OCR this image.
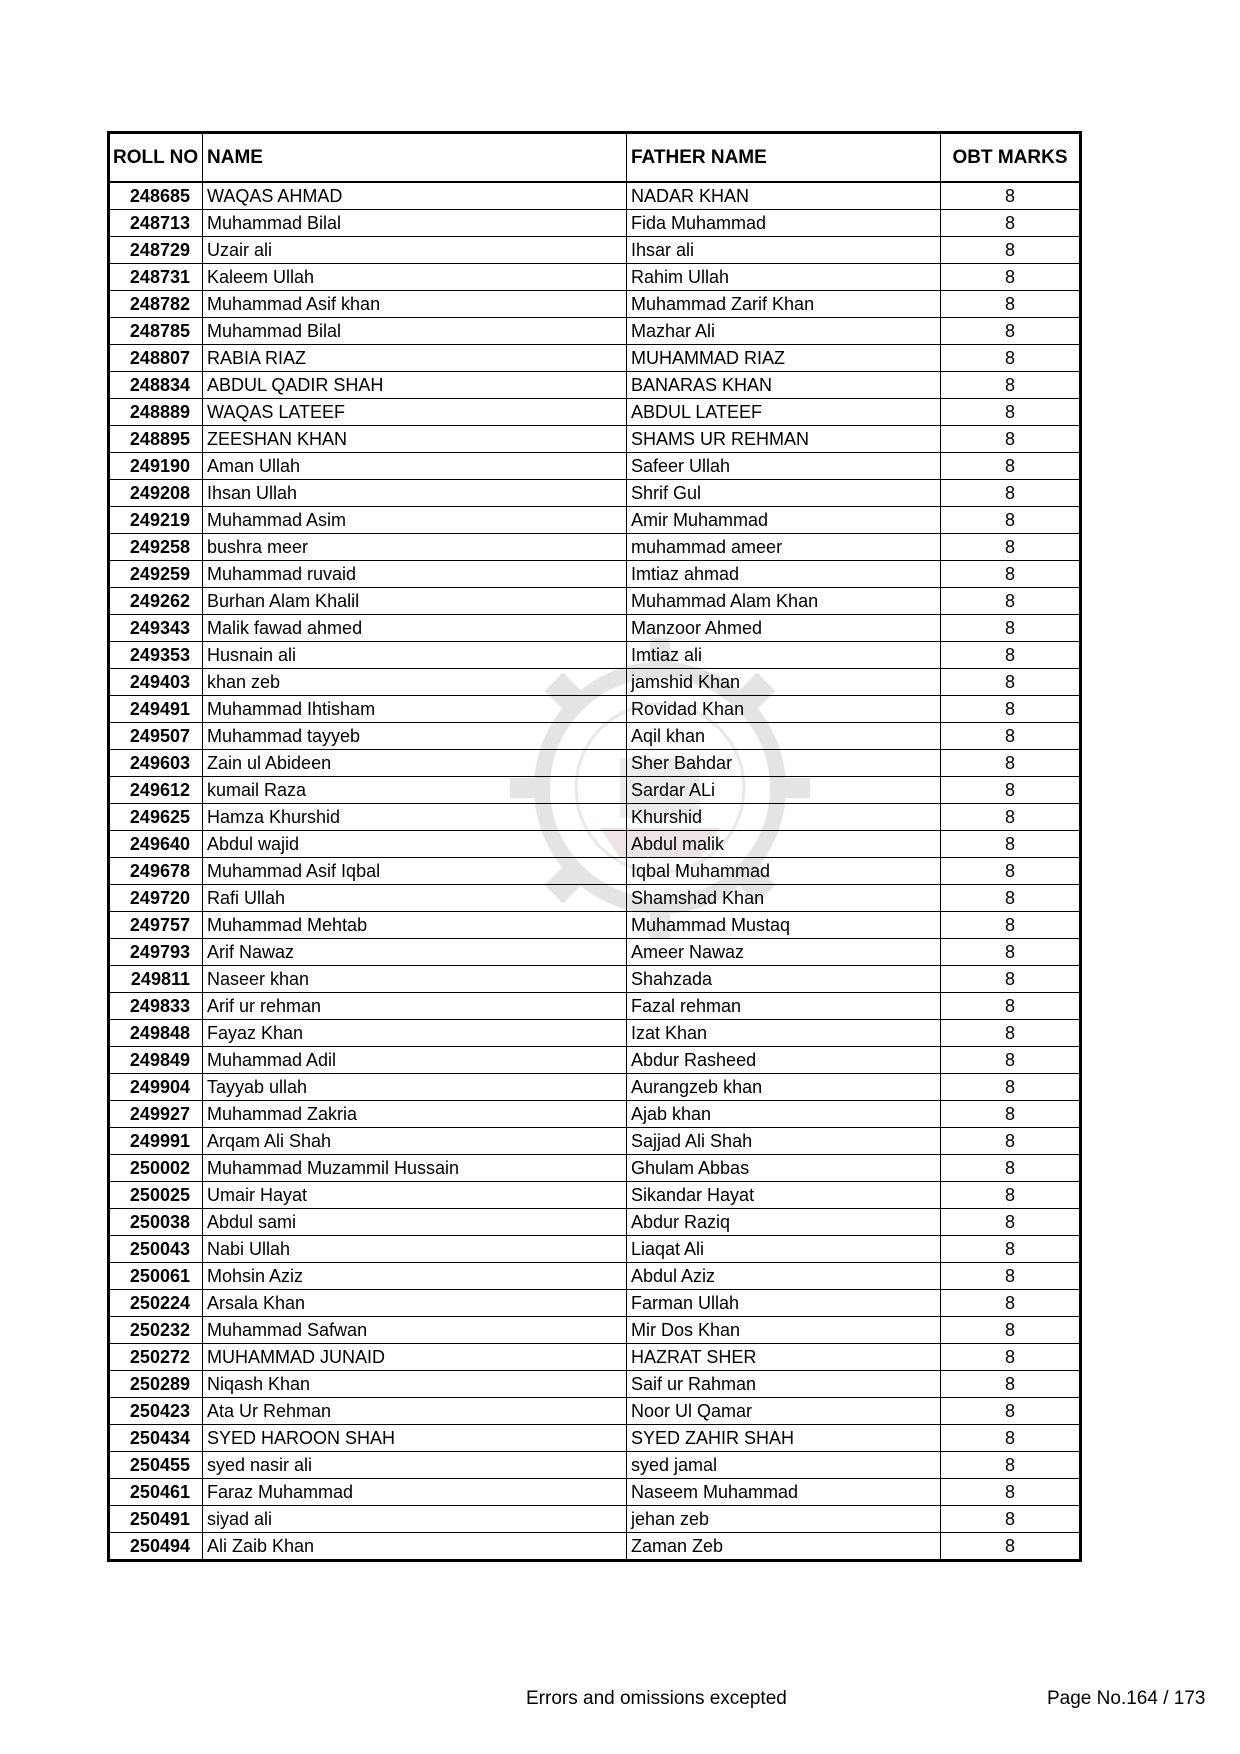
ROLL NO	NAME	FATHER NAME	OBT MARKS
248685	WAQAS AHMAD	NADAR KHAN	8
248713	Muhammad Bilal	Fida Muhammad	8
248729	Uzair ali	Ihsar ali	8
248731	Kaleem Ullah	Rahim Ullah	8
248782	Muhammad Asif khan	Muhammad Zarif Khan	8
248785	Muhammad Bilal	Mazhar Ali	8
248807	RABIA RIAZ	MUHAMMAD RIAZ	8
248834	ABDUL QADIR SHAH	BANARAS KHAN	8
248889	WAQAS LATEEF	ABDUL LATEEF	8
248895	ZEESHAN KHAN	SHAMS UR REHMAN	8
249190	Aman Ullah	Safeer Ullah	8
249208	Ihsan Ullah	Shrif Gul	8
249219	Muhammad Asim	Amir Muhammad	8
249258	bushra meer	muhammad ameer	8
249259	Muhammad ruvaid	Imtiaz ahmad	8
249262	Burhan Alam Khalil	Muhammad Alam Khan	8
249343	Malik fawad ahmed	Manzoor Ahmed	8
249353	Husnain ali	Imtiaz ali	8
249403	khan zeb	jamshid Khan	8
249491	Muhammad Ihtisham	Rovidad Khan	8
249507	Muhammad tayyeb	Aqil khan	8
249603	Zain ul Abideen	Sher Bahdar	8
249612	kumail Raza	Sardar ALi	8
249625	Hamza Khurshid	Khurshid	8
249640	Abdul wajid	Abdul malik	8
249678	Muhammad Asif Iqbal	Iqbal Muhammad	8
249720	Rafi Ullah	Shamshad Khan	8
249757	Muhammad Mehtab	Muhammad Mustaq	8
249793	Arif Nawaz	Ameer Nawaz	8
249811	Naseer khan	Shahzada	8
249833	Arif ur rehman	Fazal rehman	8
249848	Fayaz Khan	Izat Khan	8
249849	Muhammad Adil	Abdur Rasheed	8
249904	Tayyab ullah	Aurangzeb khan	8
249927	Muhammad Zakria	Ajab khan	8
249991	Arqam Ali Shah	Sajjad Ali Shah	8
250002	Muhammad Muzammil Hussain	Ghulam Abbas	8
250025	Umair Hayat	Sikandar Hayat	8
250038	Abdul sami	Abdur Raziq	8
250043	Nabi Ullah	Liaqat Ali	8
250061	Mohsin Aziz	Abdul Aziz	8
250224	Arsala Khan	Farman Ullah	8
250232	Muhammad Safwan	Mir Dos Khan	8
250272	MUHAMMAD JUNAID	HAZRAT SHER	8
250289	Niqash Khan	Saif ur Rahman	8
250423	Ata Ur Rehman	Noor Ul Qamar	8
250434	SYED HAROON SHAH	SYED ZAHIR SHAH	8
250455	syed nasir ali	syed jamal	8
250461	Faraz Muhammad	Naseem Muhammad	8
250491	siyad ali	jehan zeb	8
250494	Ali Zaib Khan	Zaman Zeb	8
Errors and omissions excepted	Page No.164 / 173
